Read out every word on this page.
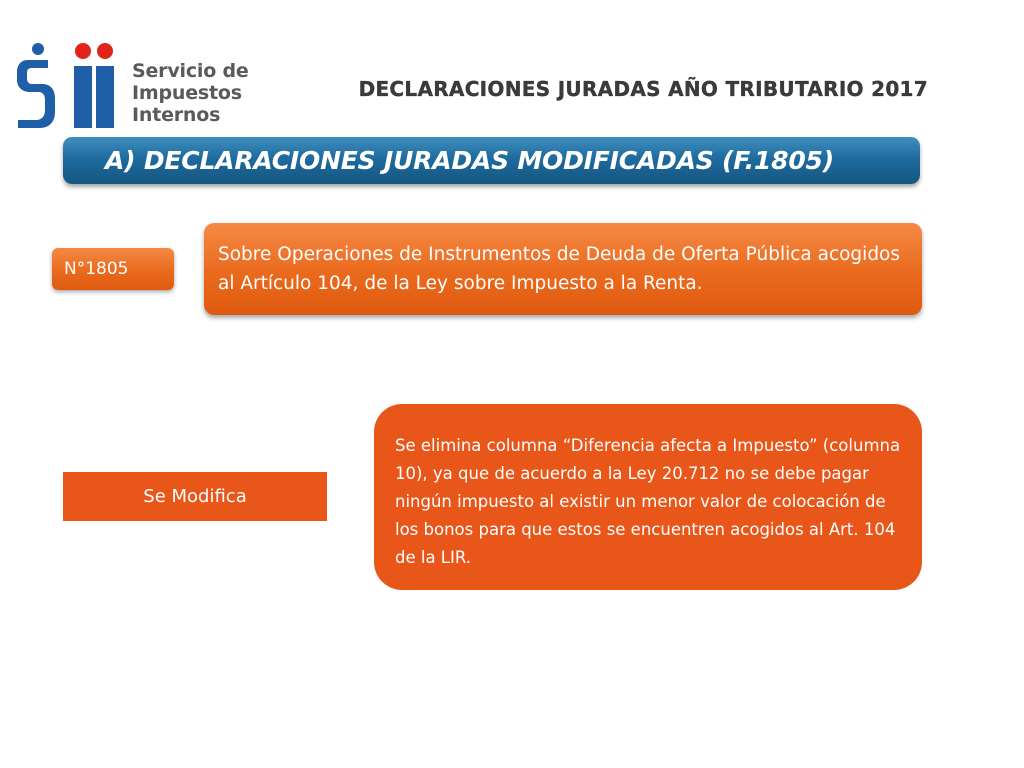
Servicio de
Impuestos
Internos
DECLARACIONES JURADAS AÑO TRIBUTARIO 2017
A) DECLARACIONES JURADAS MODIFICADAS (F.1805)
N°1805
Sobre Operaciones de Instrumentos de Deuda de Oferta Pública acogidos al Artículo 104, de la Ley sobre Impuesto a la Renta.
Se Modifica
Se elimina columna “Diferencia afecta a Impuesto” (columna 10), ya que de acuerdo a la Ley 20.712 no se debe pagar ningún impuesto al existir un menor valor de colocación de los bonos para que estos se encuentren acogidos al Art. 104 de la LIR.
